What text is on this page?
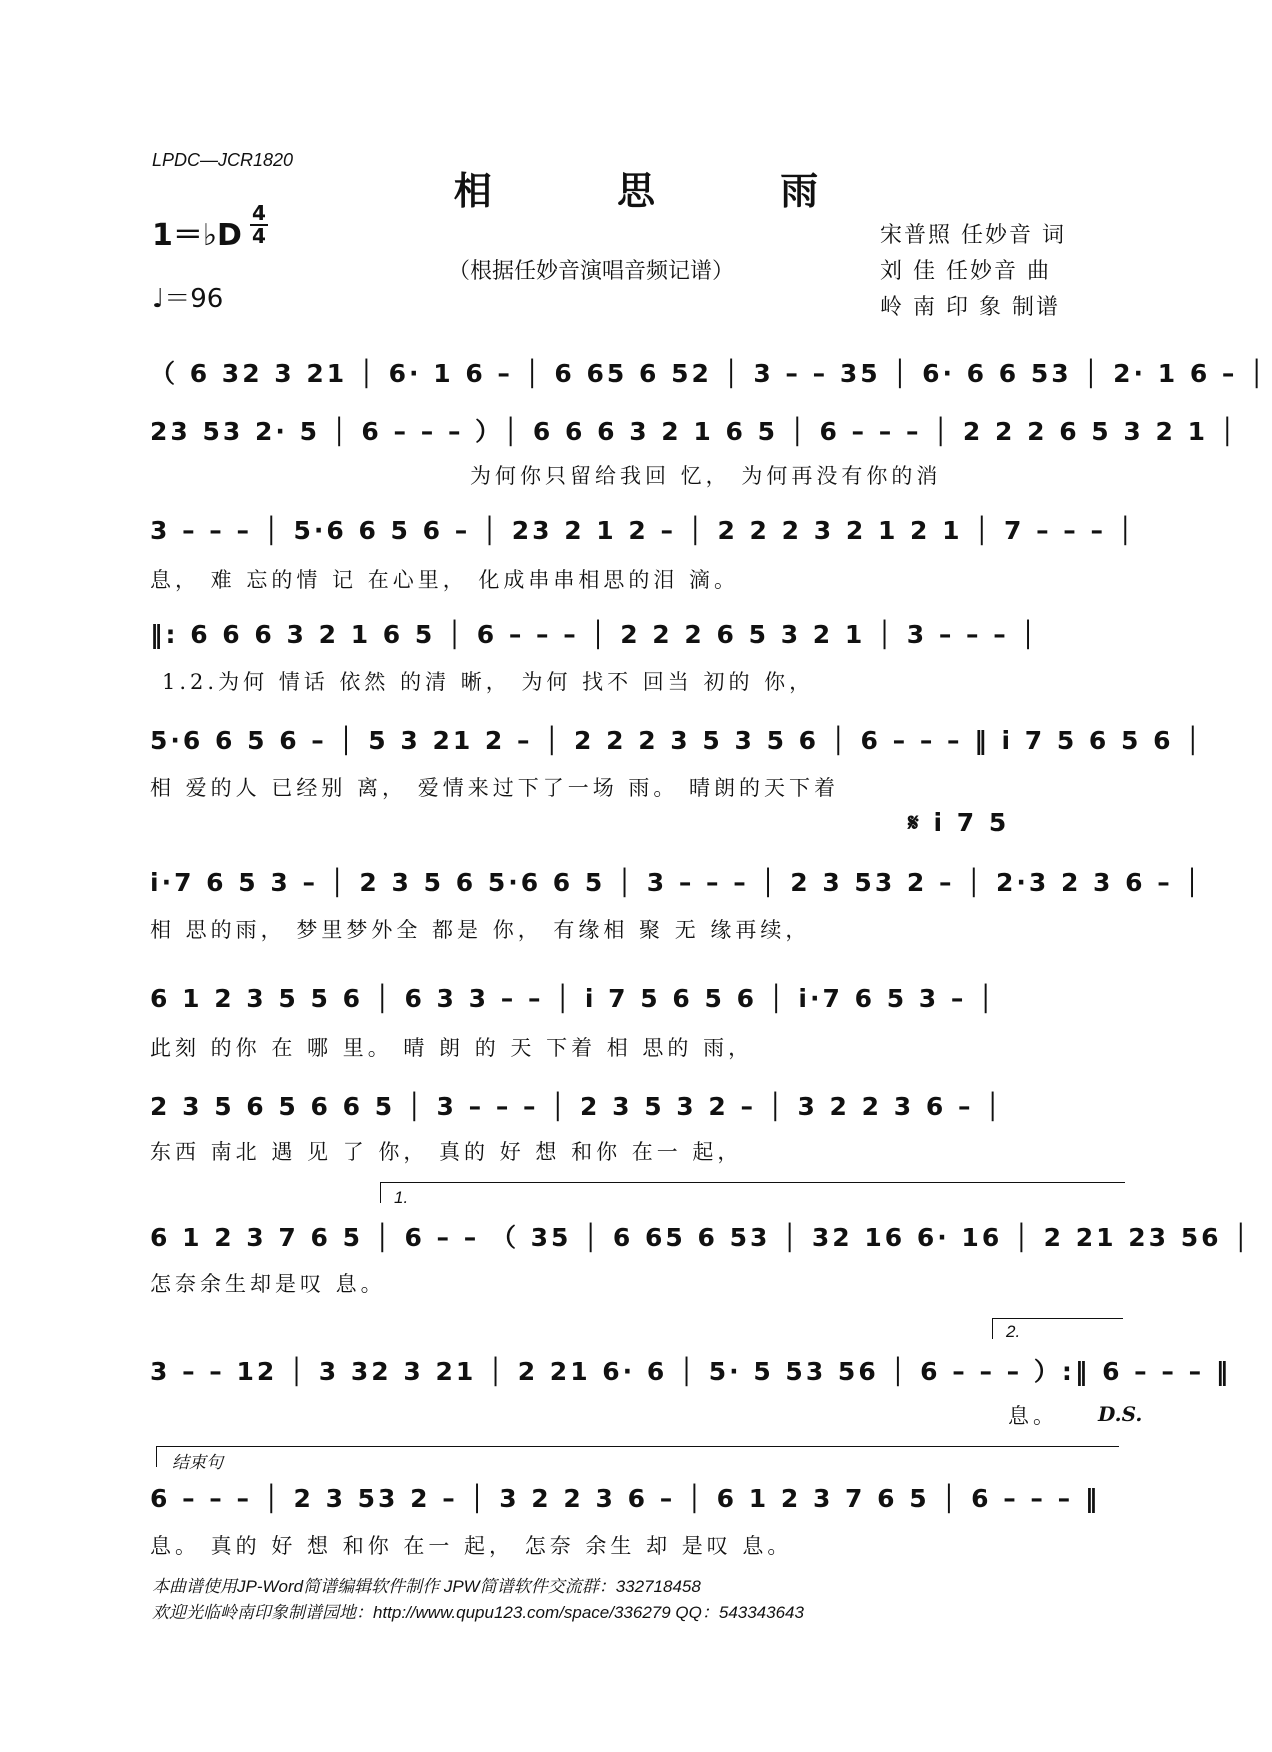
LPDC—JCR1820
相 思 雨
1＝♭D
4
4
♩＝96
（根据任妙音演唱音频记谱）
宋普照 任妙音 词
刘 佳 任妙音 曲
岭 南 印 象 制谱
（ 6 32 3 21 │ 6· 1 6 – │ 6 65 6 52 │ 3 – – 35 │ 6· 6 6 53 │ 2· 1 6 – │
23 53 2· 5 │ 6 – – – ）│ 6 6 6 3 2 1 6 5 │ 6 – – – │ 2 2 2 6 5 3 2 1 │
为何你只留给我回 忆， 为何再没有你的消
3 – – – │ 5·6 6 5 6 – │ 23 2 1 2 – │ 2 2 2 3 2 1 2 1 │ 7 – – – │
息， 难 忘的情 记 在心里， 化成串串相思的泪 滴。
‖: 6 6 6 3 2 1 6 5 │ 6 – – – │ 2 2 2 6 5 3 2 1 │ 3 – – – │
1.2.为何 情话 依然 的清 晰， 为何 找不 回当 初的 你，
5·6 6 5 6 – │ 5 3 21 2 – │ 2 2 2 3 5 3 5 6 │ 6 – – – ‖ i 7 5 6 5 6 │
相 爱的人 已经别 离， 爱情来过下了一场 雨。 晴朗的天下着
𝄋 i 7 5
i·7 6 5 3 – │ 2 3 5 6 5·6 6 5 │ 3 – – – │ 2 3 53 2 – │ 2·3 2 3 6 – │
相 思的雨， 梦里梦外全 都是 你， 有缘相 聚 无 缘再续，
6 1 2 3 5 5 6 │ 6 3 3 – – │ i 7 5 6 5 6 │ i·7 6 5 3 – │
此刻 的你 在 哪 里。 晴 朗 的 天 下着 相 思的 雨，
2 3 5 6 5 6 6 5 │ 3 – – – │ 2 3 5 3 2 – │ 3 2 2 3 6 – │
东西 南北 遇 见 了 你， 真的 好 想 和你 在一 起，
1.
6 1 2 3 7 6 5 │ 6 – – （ 35 │ 6 65 6 53 │ 32 16 6· 16 │ 2 21 23 56 │
怎奈余生却是叹 息。
2.
3 – – 12 │ 3 32 3 21 │ 2 21 6· 6 │ 5· 5 53 56 │ 6 – – – ）:‖ 6 – – – ‖
息。 D.S.
结束句
6 – – – │ 2 3 53 2 – │ 3 2 2 3 6 – │ 6 1 2 3 7 6 5 │ 6 – – – ‖
息。 真的 好 想 和你 在一 起， 怎奈 余生 却 是叹 息。
本曲谱使用JP-Word简谱编辑软件制作 JPW简谱软件交流群：332718458
欢迎光临岭南印象制谱园地：http://www.qupu123.com/space/336279 QQ：543343643
